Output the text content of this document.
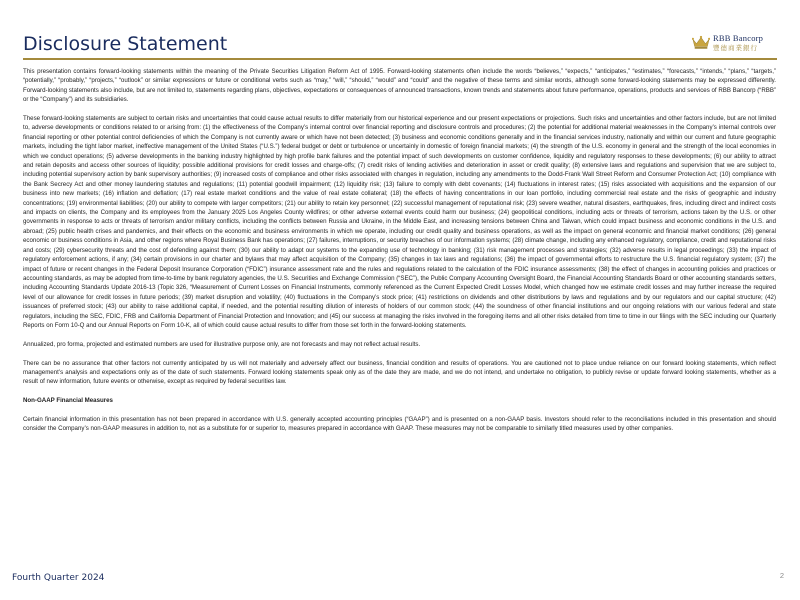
Disclosure Statement	RBB Bancorp
豐德商業銀行

This presentation contains forward-looking statements within the meaning of the Private Securities Litigation Reform Act of 1995. Forward-looking statements often include the words “believes,” “expects,” “anticipates,” “estimates,” “forecasts,” “intends,” “plans,” “targets,” “potentially,” “probably,” “projects,” “outlook” or similar expressions or future or conditional verbs such as “may,” “will,” “should,” “would” and “could” and the negative of these terms and similar words, although some forward-looking statements may be expressed differently. Forward-looking statements also include, but are not limited to, statements regarding plans, objectives, expectations or consequences of announced transactions, known trends and statements about future performance, operations, products and services of RBB Bancorp (“RBB” or the “Company”) and its subsidiaries.

These forward-looking statements are subject to certain risks and uncertainties that could cause actual results to differ materially from our historical experience and our present expectations or projections. Such risks and uncertainties and other factors include, but are not limited to, adverse developments or conditions related to or arising from: (1) the effectiveness of the Company’s internal control over financial reporting and disclosure controls and procedures; (2) the potential for additional material weaknesses in the Company’s internal controls over financial reporting or other potential control deficiencies of which the Company is not currently aware or which have not been detected; (3) business and economic conditions generally and in the financial services industry, nationally and within our current and future geographic markets, including the tight labor market, ineffective management of the United States (“U.S.”) federal budget or debt or turbulence or uncertainly in domestic of foreign financial markets; (4) the strength of the U.S. economy in general and the strength of the local economies in which we conduct operations; (5) adverse developments in the banking industry highlighted by high profile bank failures and the potential impact of such developments on customer confidence, liquidity and regulatory responses to these developments; (6) our ability to attract and retain deposits and access other sources of liquidity; possible additional provisions for credit losses and charge-offs; (7) credit risks of lending activities and deterioration in asset or credit quality; (8) extensive laws and regulations and supervision that we are subject to, including potential supervisory action by bank supervisory authorities; (9) increased costs of compliance and other risks associated with changes in regulation, including any amendments to the Dodd-Frank Wall Street Reform and Consumer Protection Act; (10) compliance with the Bank Secrecy Act and other money laundering statutes and regulations; (11) potential goodwill impairment; (12) liquidity risk; (13) failure to comply with debt covenants; (14) fluctuations in interest rates; (15) risks associated with acquisitions and the expansion of our business into new markets; (16) inflation and deflation; (17) real estate market conditions and the value of real estate collateral; (18) the effects of having concentrations in our loan portfolio, including commercial real estate and the risks of geographic and industry concentrations; (19) environmental liabilities; (20) our ability to compete with larger competitors; (21) our ability to retain key personnel; (22) successful management of reputational risk; (23) severe weather, natural disasters, earthquakes, fires, including direct and indirect costs and impacts on clients, the Company and its employees from the January 2025 Los Angeles County wildfires; or other adverse external events could harm our business; (24) geopolitical conditions, including acts or threats of terrorism, actions taken by the U.S. or other governments in response to acts or threats of terrorism and/or military conflicts, including the conflicts between Russia and Ukraine, in the Middle East, and increasing tensions between China and Taiwan, which could impact business and economic conditions in the U.S. and abroad; (25) public health crises and pandemics, and their effects on the economic and business environments in which we operate, including our credit quality and business operations, as well as the impact on general economic and financial market conditions; (26) general economic or business conditions in Asia, and other regions where Royal Business Bank has operations; (27) failures, interruptions, or security breaches of our information systems; (28) climate change, including any enhanced regulatory, compliance, credit and reputational risks and costs; (29) cybersecurity threats and the cost of defending against them; (30) our ability to adapt our systems to the expanding use of technology in banking; (31) risk management processes and strategies; (32) adverse results in legal proceedings; (33) the impact of regulatory enforcement actions, if any; (34) certain provisions in our charter and bylaws that may affect acquisition of the Company; (35) changes in tax laws and regulations; (36) the impact of governmental efforts to restructure the U.S. financial regulatory system; (37) the impact of future or recent changes in the Federal Deposit Insurance Corporation (“FDIC”) insurance assessment rate and the rules and regulations related to the calculation of the FDIC insurance assessments; (38) the effect of changes in accounting policies and practices or accounting standards, as may be adopted from time-to-time by bank regulatory agencies, the U.S. Securities and Exchange Commission (“SEC”), the Public Company Accounting Oversight Board, the Financial Accounting Standards Board or other accounting standards setters, including Accounting Standards Update 2016-13 (Topic 326, “Measurement of Current Losses on Financial Instruments, commonly referenced as the Current Expected Credit Losses Model, which changed how we estimate credit losses and may further increase the required level of our allowance for credit losses in future periods; (39) market disruption and volatility; (40) fluctuations in the Company’s stock price; (41) restrictions on dividends and other distributions by laws and regulations and by our regulators and our capital structure; (42) issuances of preferred stock; (43) our ability to raise additional capital, if needed, and the potential resulting dilution of interests of holders of our common stock; (44) the soundness of other financial institutions and our ongoing relations with our various federal and state regulators, including the SEC, FDIC, FRB and California Department of Financial Protection and Innovation; and (45) our success at managing the risks involved in the foregoing items and all other risks detailed from time to time in our filings with the SEC including our Quarterly Reports on Form 10-Q and our Annual Reports on Form 10-K, all of which could cause actual results to differ from those set forth in the forward-looking statements.

Annualized, pro forma, projected and estimated numbers are used for illustrative purpose only, are not forecasts and may not reflect actual results.

There can be no assurance that other factors not currently anticipated by us will not materially and adversely affect our business, financial condition and results of operations. You are cautioned not to place undue reliance on our forward looking statements, which reflect management’s analysis and expectations only as of the date of such statements. Forward looking statements speak only as of the date they are made, and we do not intend, and undertake no obligation, to publicly revise or update forward looking statements, whether as a result of new information, future events or otherwise, except as required by federal securities law.

Non-GAAP Financial Measures

Certain financial information in this presentation has not been prepared in accordance with U.S. generally accepted accounting principles (“GAAP”) and is presented on a non-GAAP basis. Investors should refer to the reconciliations included in this presentation and should consider the Company’s non-GAAP measures in addition to, not as a substitute for or superior to, measures prepared in accordance with GAAP. These measures may not be comparable to similarly titled measures used by other companies.

Fourth Quarter 2024	2
